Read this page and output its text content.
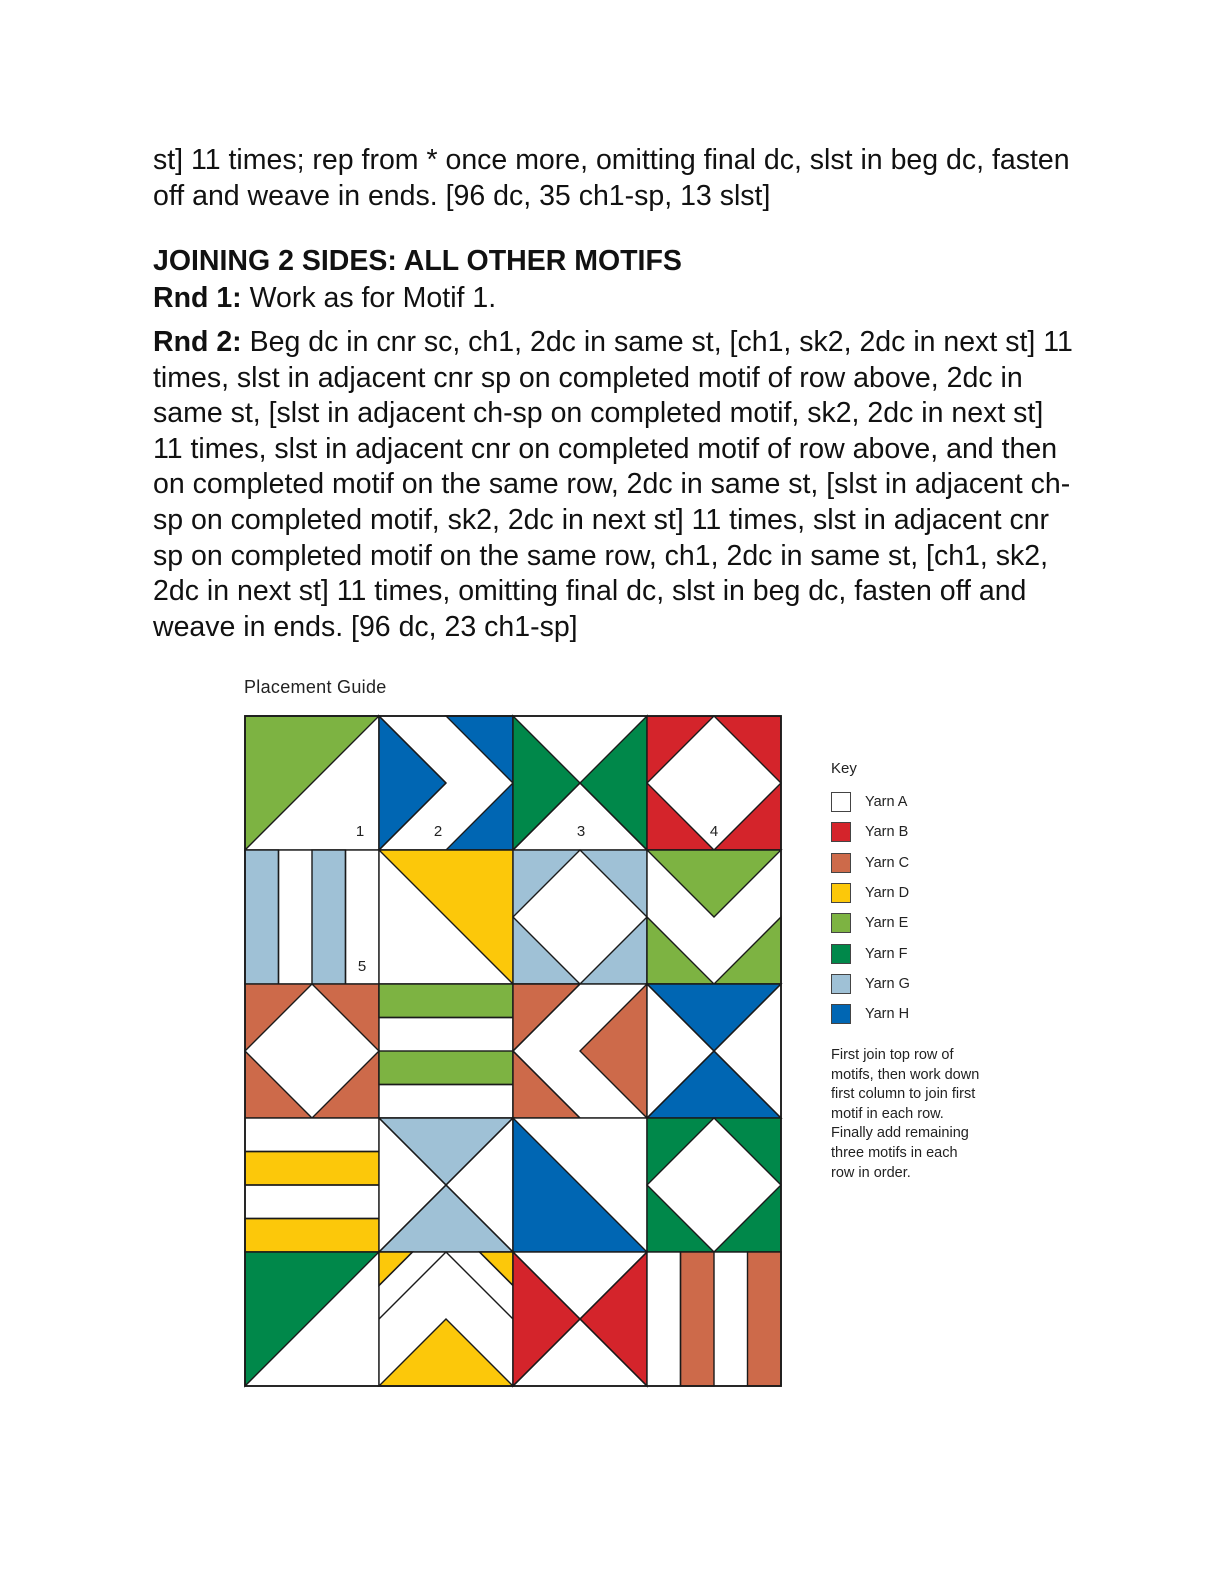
st] 11 times; rep from * once more, omitting final dc, slst in beg dc, fasten off and weave in ends. [96 dc, 35 ch1-sp, 13 slst]

JOINING 2 SIDES: ALL OTHER MOTIFS

Rnd 1: Work as for Motif 1.

Rnd 2: Beg dc in cnr sc, ch1, 2dc in same st, [ch1, sk2, 2dc in next st] 11 times, slst in adjacent cnr sp on completed motif of row above, 2dc in same st, [slst in adjacent ch-sp on completed motif, sk2, 2dc in next st] 11 times, slst in adjacent cnr on completed motif of row above, and then on completed motif on the same row, 2dc in same st, [slst in adjacent ch-sp on completed motif, sk2, 2dc in next st] 11 times, slst in adjacent cnr sp on completed motif on the same row, ch1, 2dc in same st, [ch1, sk2, 2dc in next st] 11 times, omitting final dc, slst in beg dc, fasten off and weave in ends. [96 dc, 23 ch1-sp]

Placement Guide
1	2	3	4
5
Key
Yarn A
Yarn B
Yarn C
Yarn D
Yarn E
Yarn F
Yarn G
Yarn H
First join top row of motifs, then work down first column to join first motif in each row. Finally add remaining three motifs in each row in order.
